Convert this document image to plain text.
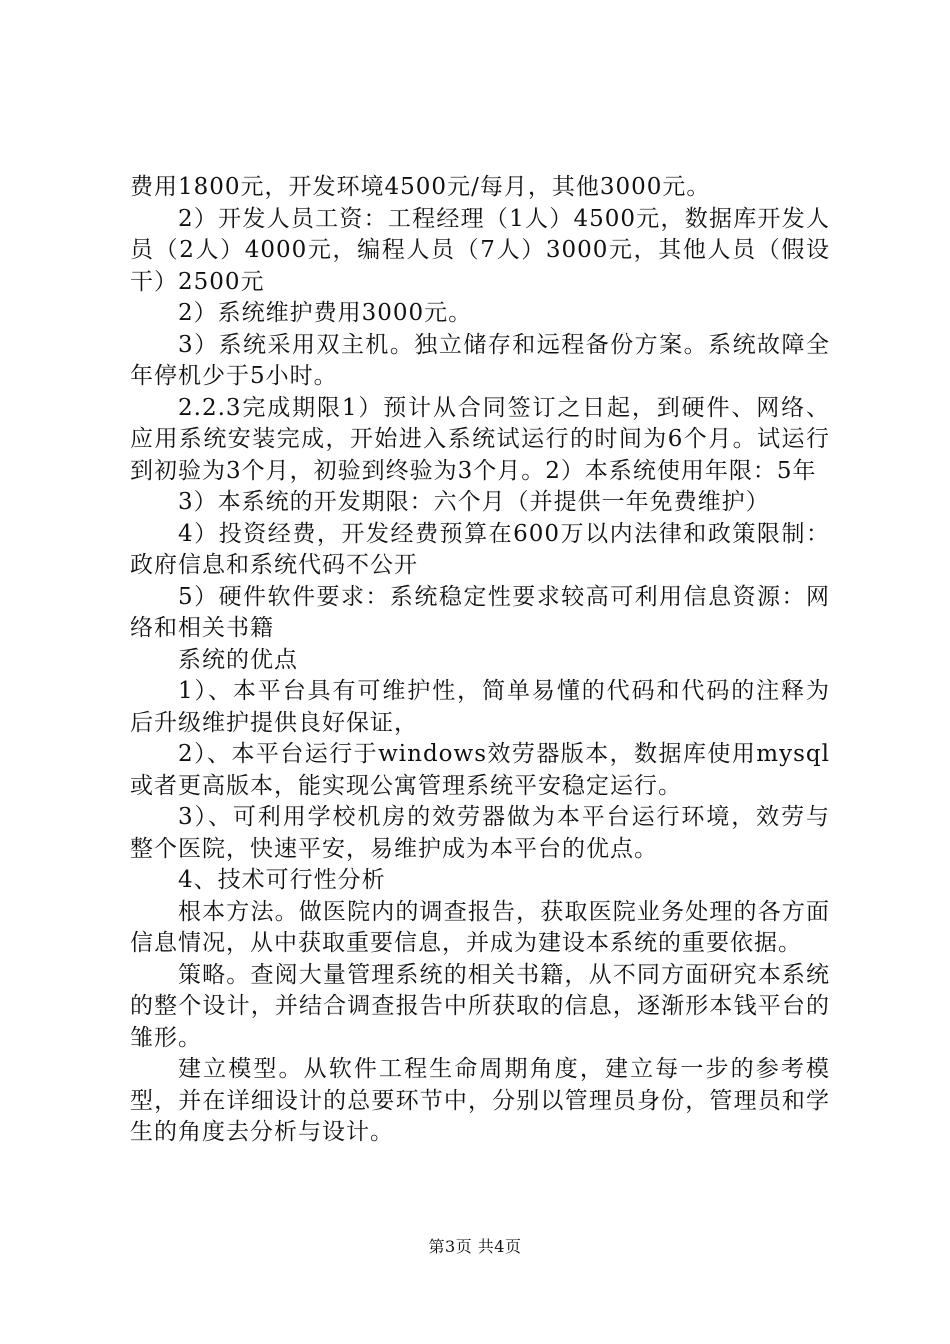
费用1800元，开发环境4500元/每月，其他3000元。

2）开发人员工资：工程经理（1人）4500元，数据库开发人员（2人）4000元，编程人员（7人）3000元，其他人员（假设干）2500元

2）系统维护费用3000元。

3）系统采用双主机。独立储存和远程备份方案。系统故障全年停机少于5小时。

2.2.3完成期限1）预计从合同签订之日起，到硬件、网络、应用系统安装完成，开始进入系统试运行的时间为6个月。试运行到初验为3个月，初验到终验为3个月。2）本系统使用年限：5年

3）本系统的开发期限：六个月（并提供一年免费维护）

4）投资经费，开发经费预算在600万以内法律和政策限制：政府信息和系统代码不公开

5）硬件软件要求：系统稳定性要求较高可利用信息资源：网络和相关书籍

系统的优点

1）、本平台具有可维护性，简单易懂的代码和代码的注释为后升级维护提供良好保证，

2）、本平台运行于windows效劳器版本，数据库使用mysql或者更高版本，能实现公寓管理系统平安稳定运行。

3）、可利用学校机房的效劳器做为本平台运行环境，效劳与整个医院，快速平安，易维护成为本平台的优点。

4、技术可行性分析

根本方法。做医院内的调查报告，获取医院业务处理的各方面信息情况，从中获取重要信息，并成为建设本系统的重要依据。

策略。查阅大量管理系统的相关书籍，从不同方面研究本系统的整个设计，并结合调查报告中所获取的信息，逐渐形本钱平台的雏形。

建立模型。从软件工程生命周期角度，建立每一步的参考模型，并在详细设计的总要环节中，分别以管理员身份，管理员和学生的角度去分析与设计。

第3页 共4页
